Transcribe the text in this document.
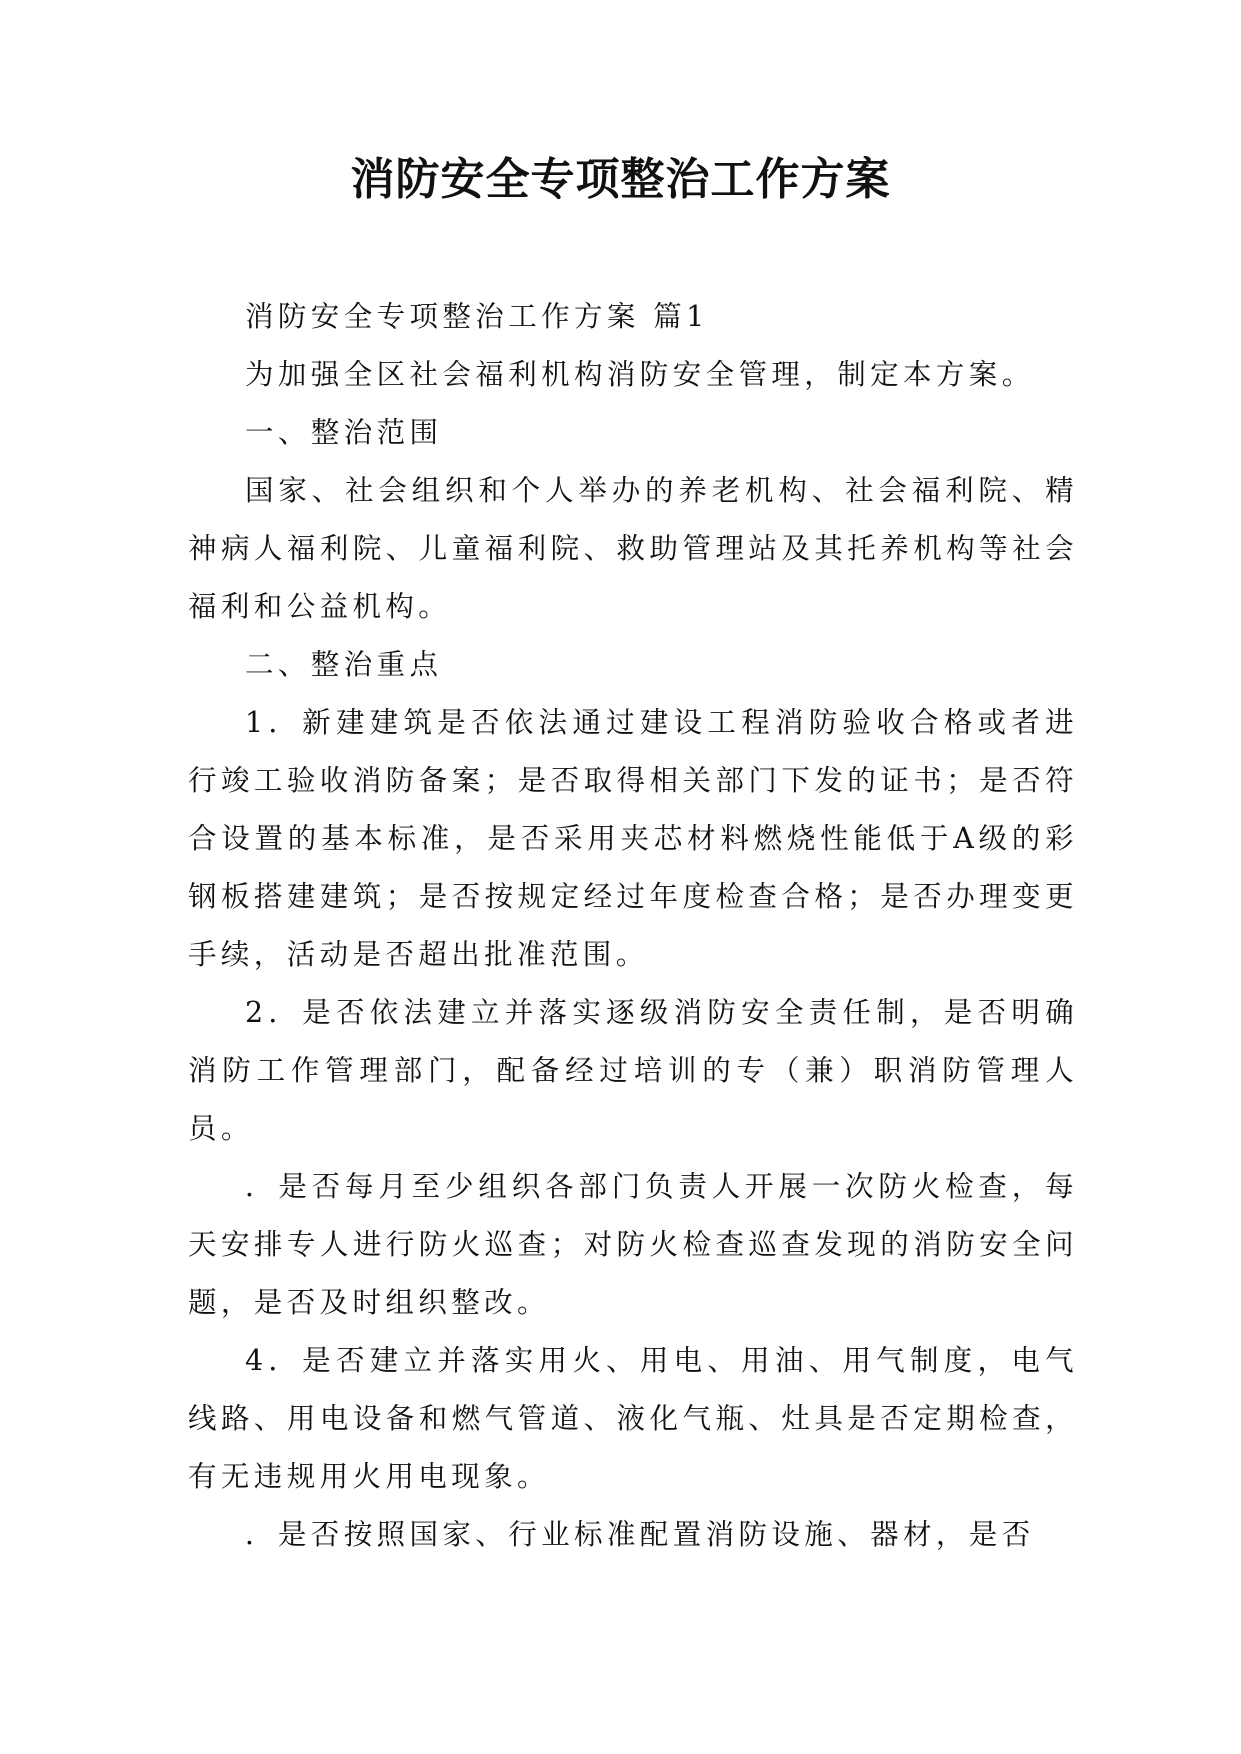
消防安全专项整治工作方案

消防安全专项整治工作方案 篇1

为加强全区社会福利机构消防安全管理，制定本方案。

一、整治范围

国家、社会组织和个人举办的养老机构、社会福利院、精神病人福利院、儿童福利院、救助管理站及其托养机构等社会福利和公益机构。

二、整治重点

1．新建建筑是否依法通过建设工程消防验收合格或者进行竣工验收消防备案；是否取得相关部门下发的证书；是否符合设置的基本标准，是否采用夹芯材料燃烧性能低于A级的彩钢板搭建建筑；是否按规定经过年度检查合格；是否办理变更手续，活动是否超出批准范围。

2．是否依法建立并落实逐级消防安全责任制，是否明确消防工作管理部门，配备经过培训的专（兼）职消防管理人员。

．是否每月至少组织各部门负责人开展一次防火检查，每天安排专人进行防火巡查；对防火检查巡查发现的消防安全问题，是否及时组织整改。

4．是否建立并落实用火、用电、用油、用气制度，电气线路、用电设备和燃气管道、液化气瓶、灶具是否定期检查，有无违规用火用电现象。

．是否按照国家、行业标准配置消防设施、器材，是否
